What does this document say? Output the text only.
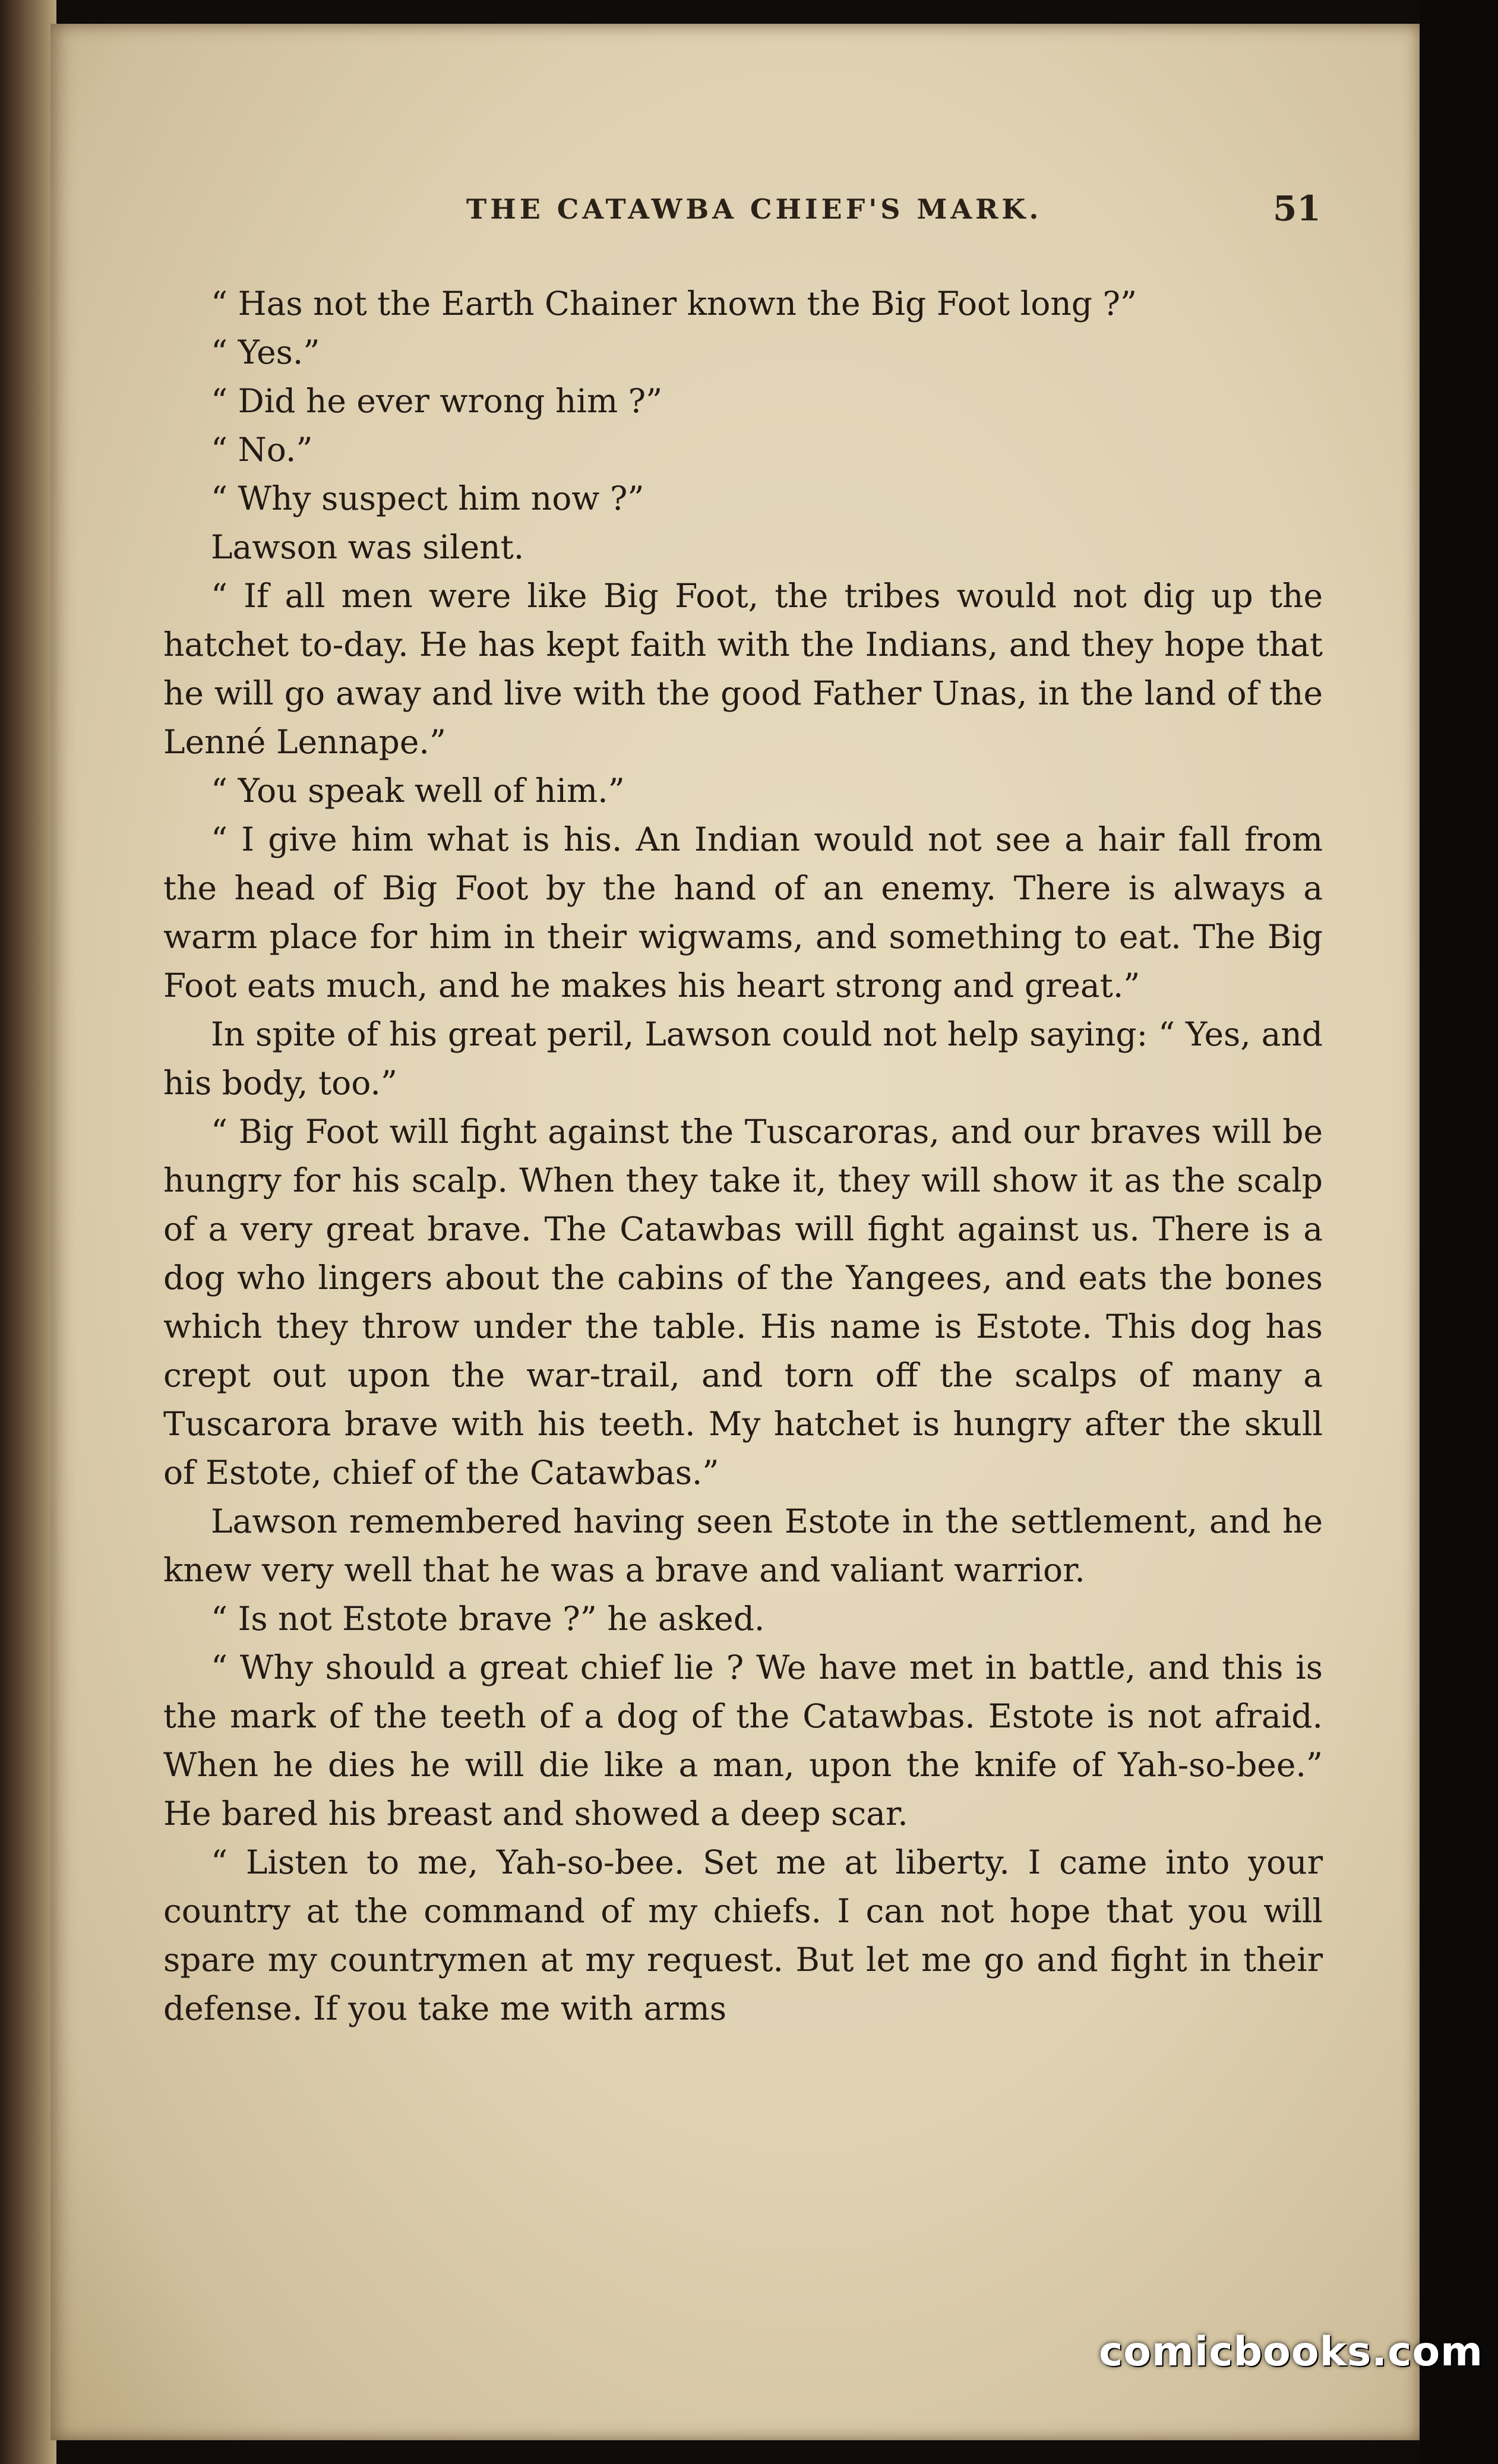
THE CATAWBA CHIEF'S MARK.	51

“ Has not the Earth Chainer known the Big Foot long ?”

“ Yes.”

“ Did he ever wrong him ?”

“ No.”

“ Why suspect him now ?”

Lawson was silent.

“ If all men were like Big Foot, the tribes would not dig up the hatchet to-day. He has kept faith with the Indians, and they hope that he will go away and live with the good Father Unas, in the land of the Lenné Lennape.”

“ You speak well of him.”

“ I give him what is his. An Indian would not see a hair fall from the head of Big Foot by the hand of an enemy. There is always a warm place for him in their wigwams, and something to eat. The Big Foot eats much, and he makes his heart strong and great.”

In spite of his great peril, Lawson could not help saying: “ Yes, and his body, too.”

“ Big Foot will fight against the Tuscaroras, and our braves will be hungry for his scalp. When they take it, they will show it as the scalp of a very great brave. The Catawbas will fight against us. There is a dog who lingers about the cabins of the Yangees, and eats the bones which they throw under the table. His name is Estote. This dog has crept out upon the war-trail, and torn off the scalps of many a Tuscarora brave with his teeth. My hatchet is hungry after the skull of Estote, chief of the Catawbas.”

Lawson remembered having seen Estote in the settlement, and he knew very well that he was a brave and valiant warrior.

“ Is not Estote brave ?” he asked.

“ Why should a great chief lie ? We have met in battle, and this is the mark of the teeth of a dog of the Catawbas. Estote is not afraid. When he dies he will die like a man, upon the knife of Yah-so-bee.” He bared his breast and showed a deep scar.

“ Listen to me, Yah-so-bee. Set me at liberty. I came into your country at the command of my chiefs. I can not hope that you will spare my countrymen at my request. But let me go and fight in their defense. If you take me with arms

comicbooks.com
